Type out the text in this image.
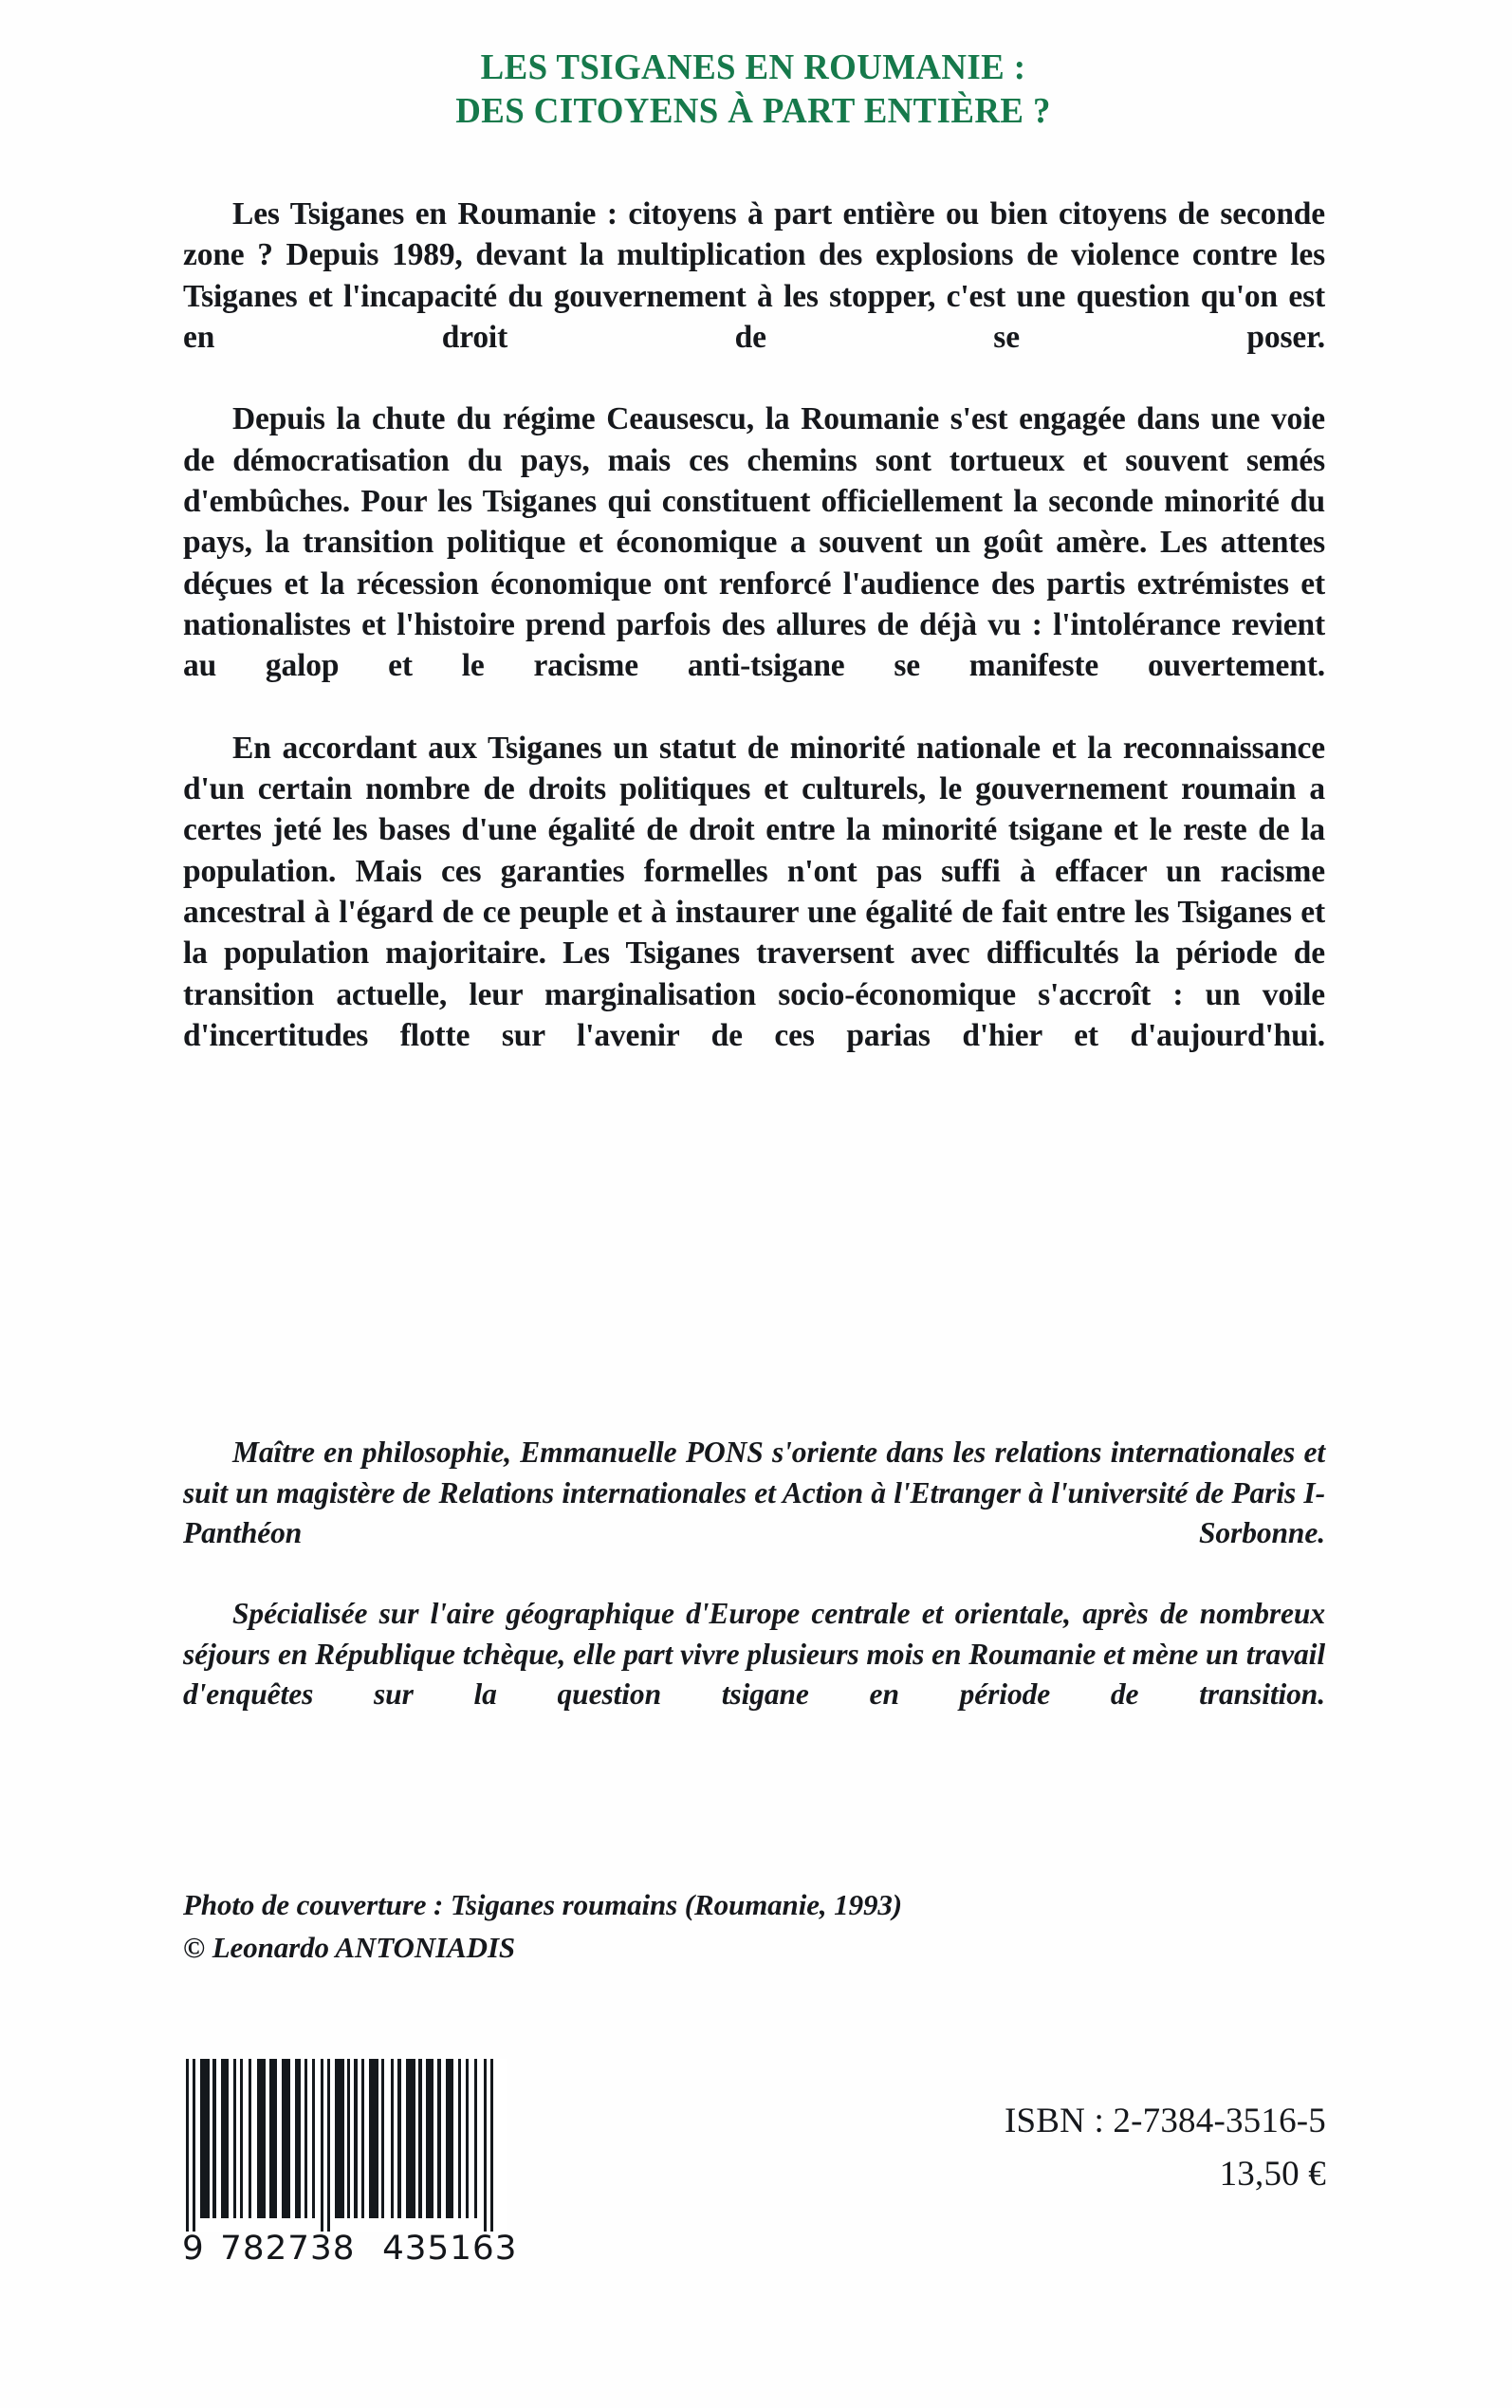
LES TSIGANES EN ROUMANIE :
DES CITOYENS À PART ENTIÈRE ?

Les Tsiganes en Roumanie : citoyens à part entière ou bien citoyens de seconde zone ? Depuis 1989, devant la multiplication des explosions de violence contre les Tsiganes et l'incapacité du gouvernement à les stopper, c'est une question qu'on est en droit de se poser.

Depuis la chute du régime Ceausescu, la Roumanie s'est engagée dans une voie de démocratisation du pays, mais ces chemins sont tortueux et souvent semés d'embûches. Pour les Tsiganes qui constituent officiellement la seconde minorité du pays, la transition politique et économique a souvent un goût amère. Les attentes déçues et la récession économique ont renforcé l'audience des partis extrémistes et nationalistes et l'histoire prend parfois des allures de déjà vu : l'intolérance revient au galop et le racisme anti-tsigane se manifeste ouvertement.

En accordant aux Tsiganes un statut de minorité nationale et la reconnaissance d'un certain nombre de droits politiques et culturels, le gouvernement roumain a certes jeté les bases d'une égalité de droit entre la minorité tsigane et le reste de la population. Mais ces garanties formelles n'ont pas suffi à effacer un racisme ancestral à l'égard de ce peuple et à instaurer une égalité de fait entre les Tsiganes et la population majoritaire. Les Tsiganes traversent avec difficultés la période de transition actuelle, leur marginalisation socio-économique s'accroît : un voile d'incertitudes flotte sur l'avenir de ces parias d'hier et d'aujourd'hui.

Maître en philosophie, Emmanuelle PONS s'oriente dans les relations internationales et suit un magistère de Relations internationales et Action à l'Etranger à l'université de Paris I-Panthéon Sorbonne.

Spécialisée sur l'aire géographique d'Europe centrale et orientale, après de nombreux séjours en République tchèque, elle part vivre plusieurs mois en Roumanie et mène un travail d'enquêtes sur la question tsigane en période de transition.

Photo de couverture : Tsiganes roumains (Roumanie, 1993)
© Leonardo ANTONIADIS
9 782738 435163
ISBN : 2-7384-3516-5
13,50 €
